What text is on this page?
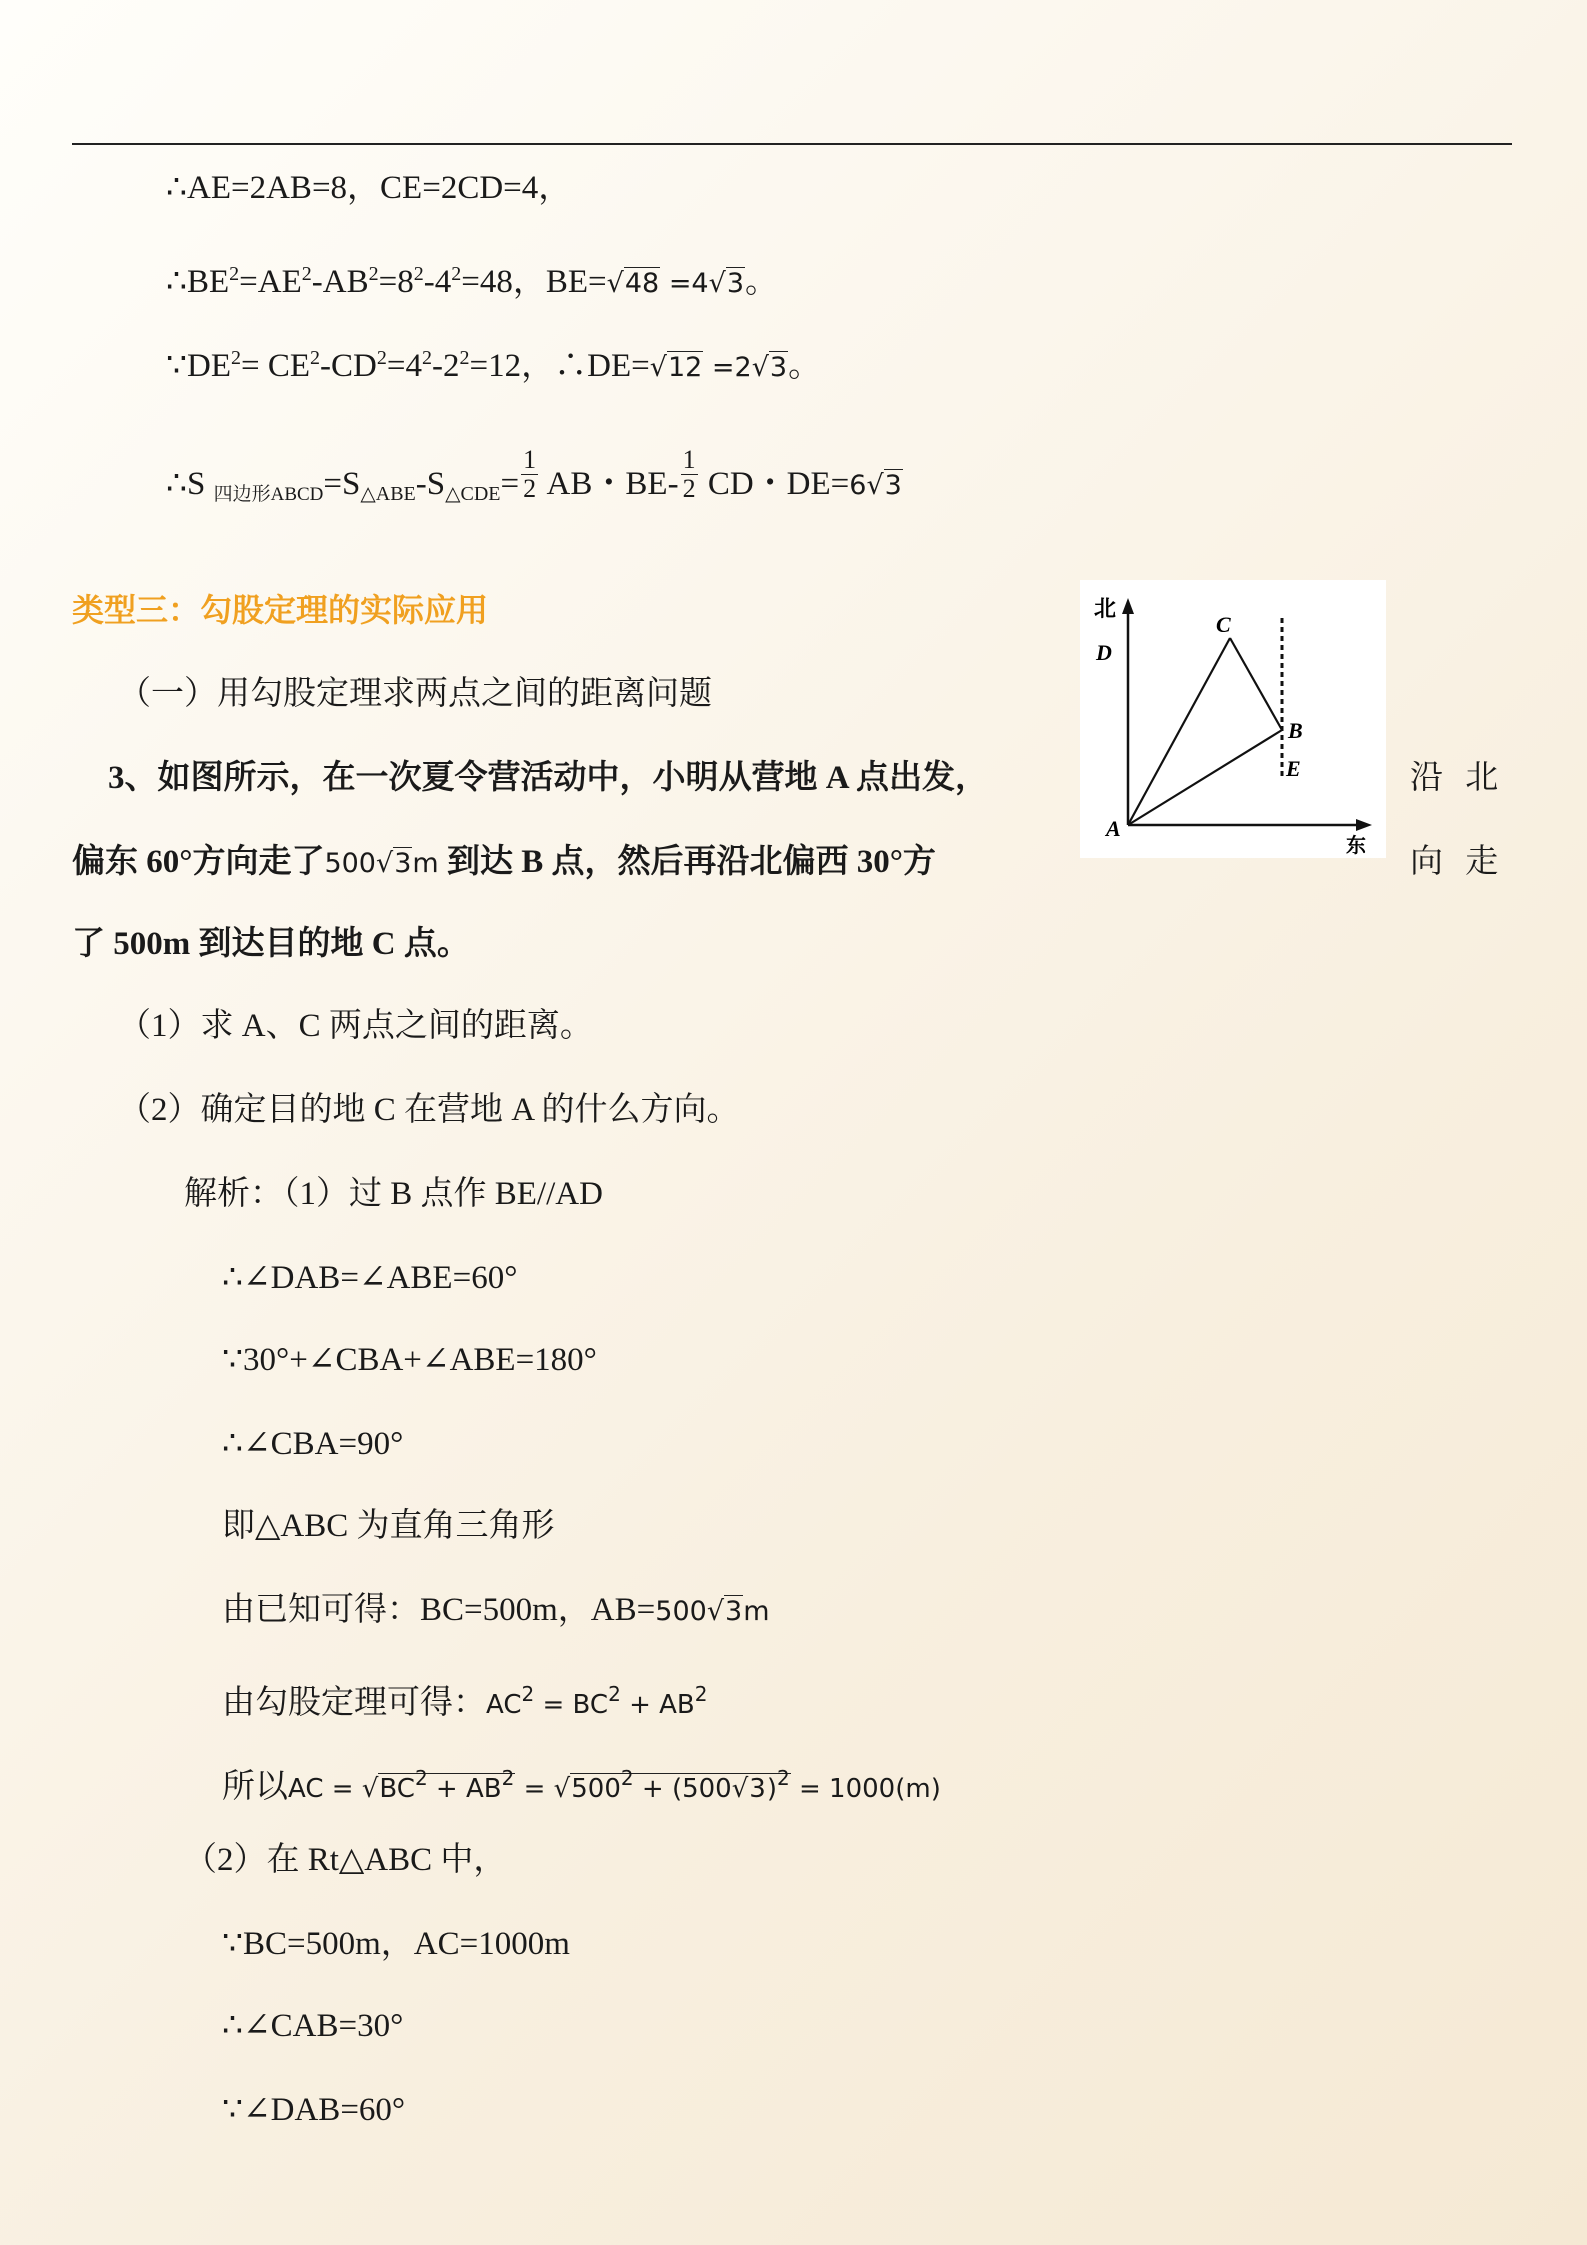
∴AE=2AB=8，CE=2CD=4，
$\therefore BE^2=AE^2-AB^2=8^2-4^2=48$，BE=√48 =4√3。
$\because DE^2= CE^2-CD^2=4^2-2^2=12$，∴DE=√12 =2√3。
∴S $_{四边形ABCD}=S_{\triangle ABE}-S_{\triangle CDE}= \frac{1}{2}$ AB・$BE- \frac{1}{2}$ CD・DE=6√3
类型三：勾股定理的实际应用
（一）用勾股定理求两点之间的距离问题
3、如图所示，在一次夏令营活动中，小明从营地 A 点出发，	沿 北
偏东 60°方向走了500√3m 到达 B 点，然后再沿北偏西 30°方	向 走
了 500m 到达目的地 C 点。
（1）求 A、C 两点之间的距离。
（2）确定目的地 C 在营地 A 的什么方向。
北
东
D
C
B
E
A
解析：（1）过 B 点作 BE//AD
∴∠DAB=∠ABE=60°
∵30°+∠CBA+∠ABE=180°
∴∠CBA=90°
即△ABC 为直角三角形
由已知可得：BC=500m，AB=500√3m
由勾股定理可得：$AC^2 = BC^2 + AB^2$
所以AC = $√BC^2 + AB^2 = √500^2 + (500√3)^2 = 1000(m)$
（2）在 Rt△ABC 中，
∵BC=500m，AC=1000m
∴∠CAB=30°
∵∠DAB=60°
